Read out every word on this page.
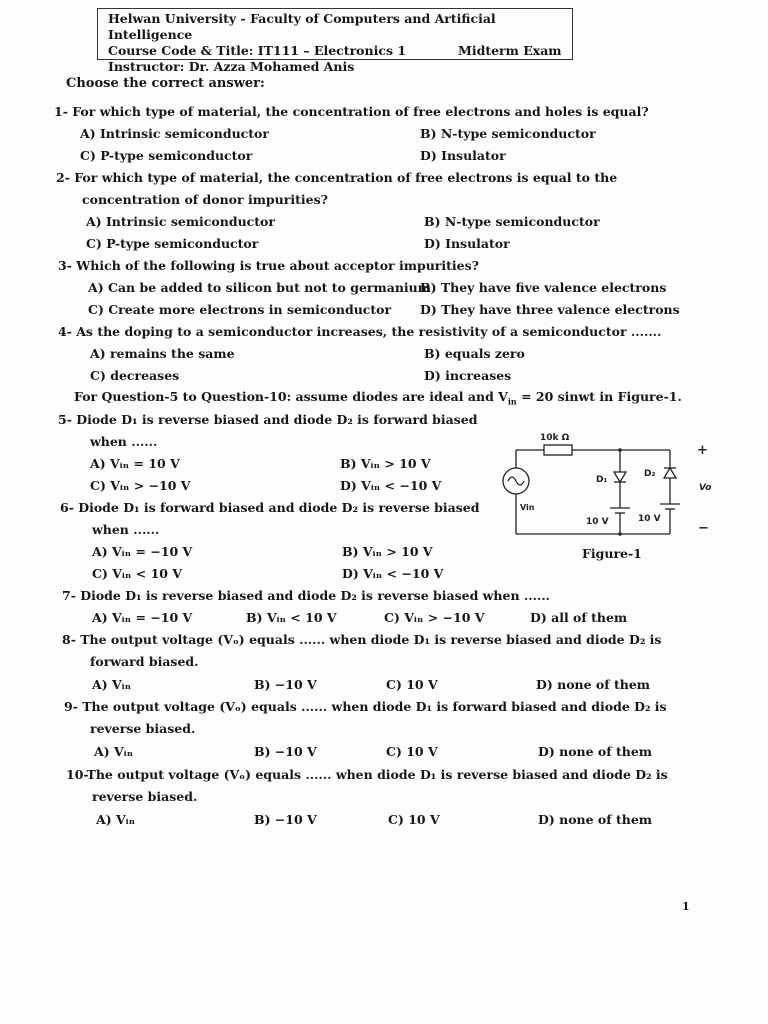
Helwan University - Faculty of Computers and Artificial Intelligence
Course Code & Title: IT111 – Electronics 1	Midterm Exam
Instructor: Dr. Azza Mohamed Anis
Choose the correct answer:
1- For which type of material, the concentration of free electrons and holes is equal?
A) Intrinsic semiconductor	B) N-type semiconductor
C) P-type semiconductor	D) Insulator
2- For which type of material, the concentration of free electrons is equal to the
concentration of donor impurities?
A) Intrinsic semiconductor	B) N-type semiconductor
C) P-type semiconductor	D) Insulator
3- Which of the following is true about acceptor impurities?
A) Can be added to silicon but not to germanium
B) They have five valence electrons
C) Create more electrons in semiconductor D) They have three valence electrons
4- As the doping to a semiconductor increases, the resistivity of a semiconductor .......
A) remains the same	B) equals zero
C) decreases	D) increases
For Question-5 to Question-10: assume diodes are ideal and $V_{in} = 20$ sinwt in Figure-1.
5- Diode D₁ is reverse biased and diode D₂ is forward biased
when ......
A) Vᵢₙ = 10 V	B) Vᵢₙ > 10 V
C) Vᵢₙ > −10 V	D) Vᵢₙ < −10 V
6- Diode D₁ is forward biased and diode D₂ is reverse biased
when ......
A) Vᵢₙ = −10 V	B) Vᵢₙ > 10 V
C) Vᵢₙ < 10 V	D) Vᵢₙ < −10 V
10k Ω
D₁
D₂
Vin
10 V	10 V
+
Vo
−
Figure-1
7- Diode D₁ is reverse biased and diode D₂ is reverse biased when ......
A) Vᵢₙ = −10 V	B) Vᵢₙ < 10 V	C) Vᵢₙ > −10 V	D) all of them
8- The output voltage (Vₒ) equals ...... when diode D₁ is reverse biased and diode D₂ is
forward biased.
A) Vᵢₙ	B) −10 V	C) 10 V	D) none of them
9- The output voltage (Vₒ) equals ...... when diode D₁ is forward biased and diode D₂ is
reverse biased.
A) Vᵢₙ	B) −10 V	C) 10 V	D) none of them
10-The output voltage (Vₒ) equals ...... when diode D₁ is reverse biased and diode D₂ is
reverse biased.
A) Vᵢₙ	B) −10 V	C) 10 V	D) none of them
1
